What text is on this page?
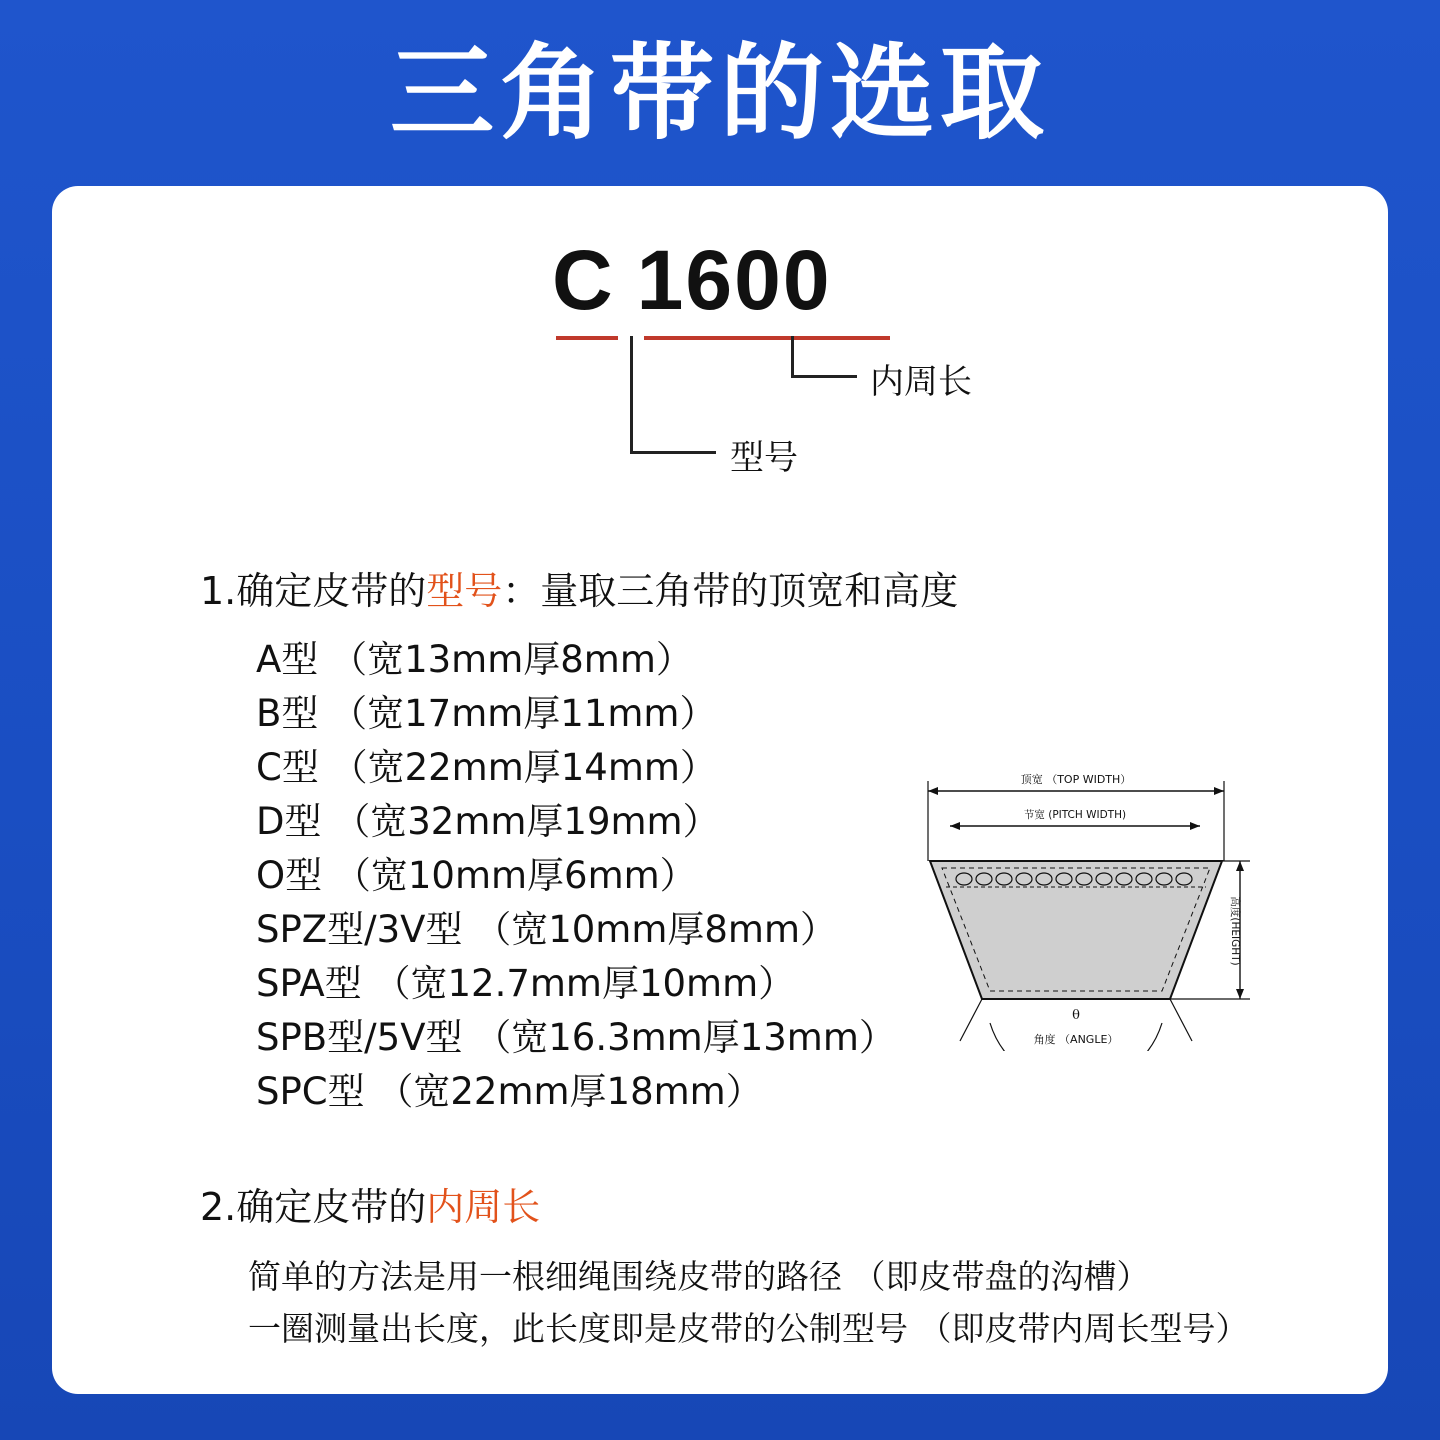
三角带的选取
C 1600
内周长
型号
1.确定皮带的型号：量取三角带的顶宽和高度
A型 （宽13mm厚8mm）
B型 （宽17mm厚11mm）
C型 （宽22mm厚14mm）
D型 （宽32mm厚19mm）
O型 （宽10mm厚6mm）
SPZ型/3V型 （宽10mm厚8mm）
SPA型 （宽12.7mm厚10mm）
SPB型/5V型 （宽16.3mm厚13mm）
SPC型 （宽22mm厚18mm）
顶宽 （TOP WIDTH）
节宽 (PITCH WIDTH)
高度(HEIGHT)
θ
角度 （ANGLE）
2.确定皮带的内周长
简单的方法是用一根细绳围绕皮带的路径 （即皮带盘的沟槽）
一圈测量出长度，此长度即是皮带的公制型号 （即皮带内周长型号）
